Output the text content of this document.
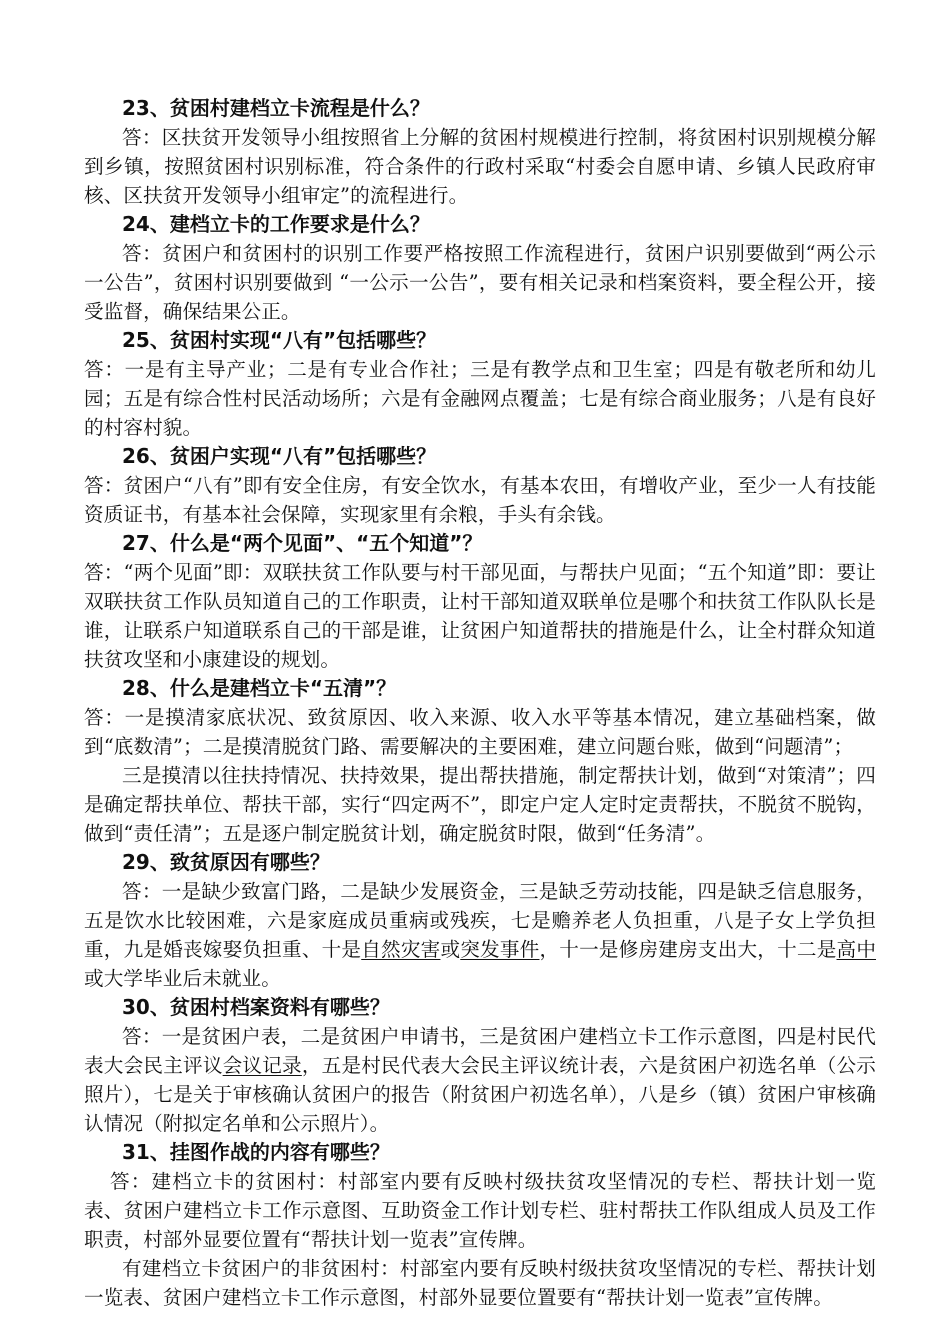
23、贫困村建档立卡流程是什么？

答：区扶贫开发领导小组按照省上分解的贫困村规模进行控制，将贫困村识别规模分解到乡镇，按照贫困村识别标准，符合条件的行政村采取“村委会自愿申请、乡镇人民政府审核、区扶贫开发领导小组审定”的流程进行。

24、建档立卡的工作要求是什么？

答：贫困户和贫困村的识别工作要严格按照工作流程进行，贫困户识别要做到“两公示一公告”，贫困村识别要做到 “一公示一公告”，要有相关记录和档案资料，要全程公开，接受监督，确保结果公正。

25、贫困村实现“八有”包括哪些？

答：一是有主导产业；二是有专业合作社；三是有教学点和卫生室；四是有敬老所和幼儿园；五是有综合性村民活动场所；六是有金融网点覆盖；七是有综合商业服务；八是有良好的村容村貌。

26、贫困户实现“八有”包括哪些？

答：贫困户“八有”即有安全住房，有安全饮水，有基本农田，有增收产业，至少一人有技能资质证书，有基本社会保障，实现家里有余粮，手头有余钱。

27、什么是“两个见面”、“五个知道”？

答：“两个见面”即：双联扶贫工作队要与村干部见面，与帮扶户见面；“五个知道”即：要让双联扶贫工作队员知道自己的工作职责，让村干部知道双联单位是哪个和扶贫工作队队长是谁，让联系户知道联系自己的干部是谁，让贫困户知道帮扶的措施是什么，让全村群众知道扶贫攻坚和小康建设的规划。

28、什么是建档立卡“五清”？

答：一是摸清家底状况、致贫原因、收入来源、收入水平等基本情况，建立基础档案，做到“底数清”；二是摸清脱贫门路、需要解决的主要困难，建立问题台账，做到“问题清”；

三是摸清以往扶持情况、扶持效果，提出帮扶措施，制定帮扶计划，做到“对策清”；四是确定帮扶单位、帮扶干部，实行“四定两不”，即定户定人定时定责帮扶，不脱贫不脱钩，做到“责任清”；五是逐户制定脱贫计划，确定脱贫时限，做到“任务清”。

29、致贫原因有哪些？

答：一是缺少致富门路，二是缺少发展资金，三是缺乏劳动技能，四是缺乏信息服务，五是饮水比较困难，六是家庭成员重病或残疾，七是赡养老人负担重，八是子女上学负担重，九是婚丧嫁娶负担重、十是自然灾害或突发事件，十一是修房建房支出大，十二是高中或大学毕业后未就业。

30、贫困村档案资料有哪些？

答：一是贫困户表，二是贫困户申请书，三是贫困户建档立卡工作示意图，四是村民代表大会民主评议会议记录，五是村民代表大会民主评议统计表，六是贫困户初选名单（公示照片），七是关于审核确认贫困户的报告（附贫困户初选名单），八是乡（镇）贫困户审核确认情况（附拟定名单和公示照片）。

31、挂图作战的内容有哪些？

答：建档立卡的贫困村：村部室内要有反映村级扶贫攻坚情况的专栏、帮扶计划一览表、贫困户建档立卡工作示意图、互助资金工作计划专栏、驻村帮扶工作队组成人员及工作职责，村部外显要位置有“帮扶计划一览表”宣传牌。

有建档立卡贫困户的非贫困村：村部室内要有反映村级扶贫攻坚情况的专栏、帮扶计划一览表、贫困户建档立卡工作示意图，村部外显要位置要有“帮扶计划一览表”宣传牌。
